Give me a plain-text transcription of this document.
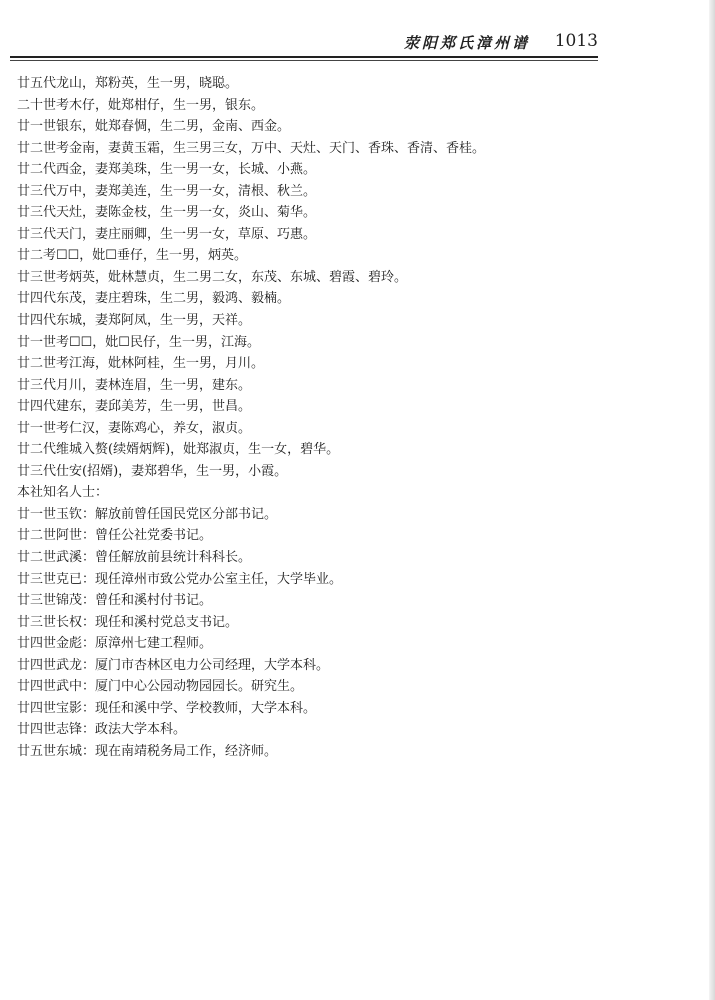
荥阳郑氏漳州谱 1013
廿五代龙山，郑粉英，生一男，晓聪。
二十世考木仔，妣郑柑仔，生一男，银东。
廿一世银东，妣郑春惆，生二男，金南、西金。
廿二世考金南，妻黄玉霜，生三男三女，万中、天灶、天门、香珠、香清、香桂。
廿二代西金，妻郑美珠，生一男一女，长城、小燕。
廿三代万中，妻郑美连，生一男一女，清根、秋兰。
廿三代天灶，妻陈金枝，生一男一女，炎山、菊华。
廿三代天门，妻庄丽卿，生一男一女，草原、巧惠。
廿二考☐☐，妣☐垂仔，生一男，炳英。
廿三世考炳英，妣林慧贞，生二男二女，东茂、东城、碧霞、碧玲。
廿四代东茂，妻庄碧珠，生二男，毅鸿、毅楠。
廿四代东城，妻郑阿凤，生一男，天祥。
廿一世考☐☐，妣☐民仔，生一男，江海。
廿二世考江海，妣林阿桂，生一男，月川。
廿三代月川，妻林连眉，生一男，建东。
廿四代建东，妻邱美芳，生一男，世昌。
廿一世考仁汉，妻陈鸡心，养女，淑贞。
廿二代维城入赘(续婿炳辉)，妣郑淑贞，生一女，碧华。
廿三代仕安(招婿)，妻郑碧华，生一男，小霞。
本社知名人士：
廿一世玉钦：解放前曾任国民党区分部书记。
廿二世阿世：曾任公社党委书记。
廿二世武溪：曾任解放前县统计科科长。
廿三世克已：现任漳州市致公党办公室主任，大学毕业。
廿三世锦茂：曾任和溪村付书记。
廿三世长权：现任和溪村党总支书记。
廿四世金彪：原漳州七建工程师。
廿四世武龙：厦门市杏林区电力公司经理，大学本科。
廿四世武中：厦门中心公园动物园园长。研究生。
廿四世宝影：现任和溪中学、学校教师，大学本科。
廿四世志锋：政法大学本科。
廿五世东城：现在南靖税务局工作，经济师。
